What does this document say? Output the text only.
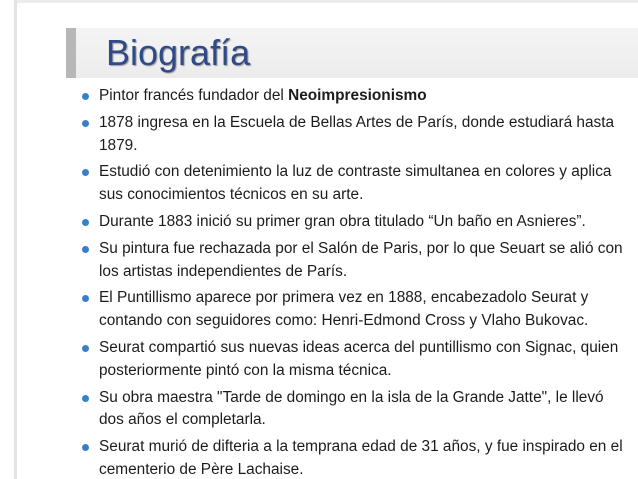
Biografía
Pintor francés fundador del Neoimpresionismo
1878 ingresa en la Escuela de Bellas Artes de París, donde estudiará hasta 1879.
Estudió con detenimiento la luz de contraste simultanea en colores y aplica sus conocimientos técnicos en su arte.
Durante 1883 inició su primer gran obra titulado “Un baño en Asnieres”.
Su pintura fue rechazada por el Salón de Paris, por lo que Seuart se alió con los artistas independientes de París.
El Puntillismo aparece por primera vez en 1888, encabezadolo Seurat y contando con seguidores como: Henri-Edmond Cross y Vlaho Bukovac.
Seurat compartió sus nuevas ideas acerca del puntillismo con Signac, quien posteriormente pintó con la misma técnica.
Su obra maestra "Tarde de domingo en la isla de la Grande Jatte", le llevó dos años el completarla.
Seurat murió de difteria a la temprana edad de 31 años, y fue inspirado en el cementerio de Père Lachaise.
